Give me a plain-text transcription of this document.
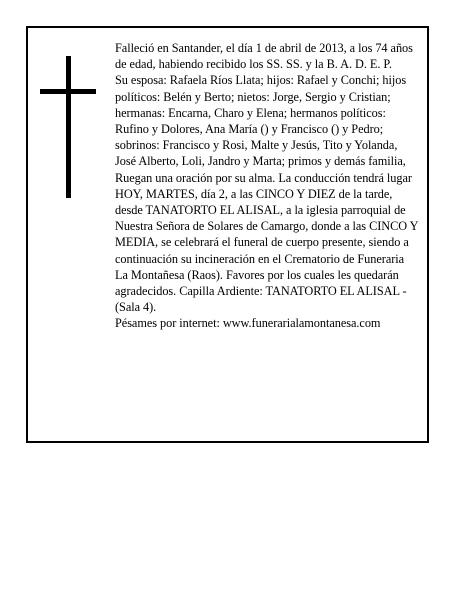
Falleció en Santander, el día 1 de abril de 2013, a los 74 años de edad, habiendo recibido los SS. SS. y la B. A. D. E. P.

Su esposa: Rafaela Ríos Llata; hijos: Rafael y Conchi; hijos políticos: Belén y Berto; nietos: Jorge, Sergio y Cristian; hermanas: Encarna, Charo y Elena; hermanos políticos: Rufino y Dolores, Ana María () y Francisco () y Pedro; sobrinos: Francisco y Rosi, Malte y Jesús, Tito y Yolanda, José Alberto, Loli, Jandro y Marta; primos y demás familia,

Ruegan una oración por su alma. La conducción tendrá lugar HOY, MARTES, día 2, a las CINCO Y DIEZ de la tarde, desde TANATORTO EL ALISAL, a la iglesia parroquial de Nuestra Señora de Solares de Camargo, donde a las CINCO Y MEDIA, se celebrará el funeral de cuerpo presente, siendo a continuación su incineración en el Crematorio de Funeraria La Montañesa (Raos). Favores por los cuales les quedarán agradecidos. Capilla Ardiente: TANATORTO EL ALISAL - (Sala 4).

Pésames por internet: www.funerarialamontanesa.com
